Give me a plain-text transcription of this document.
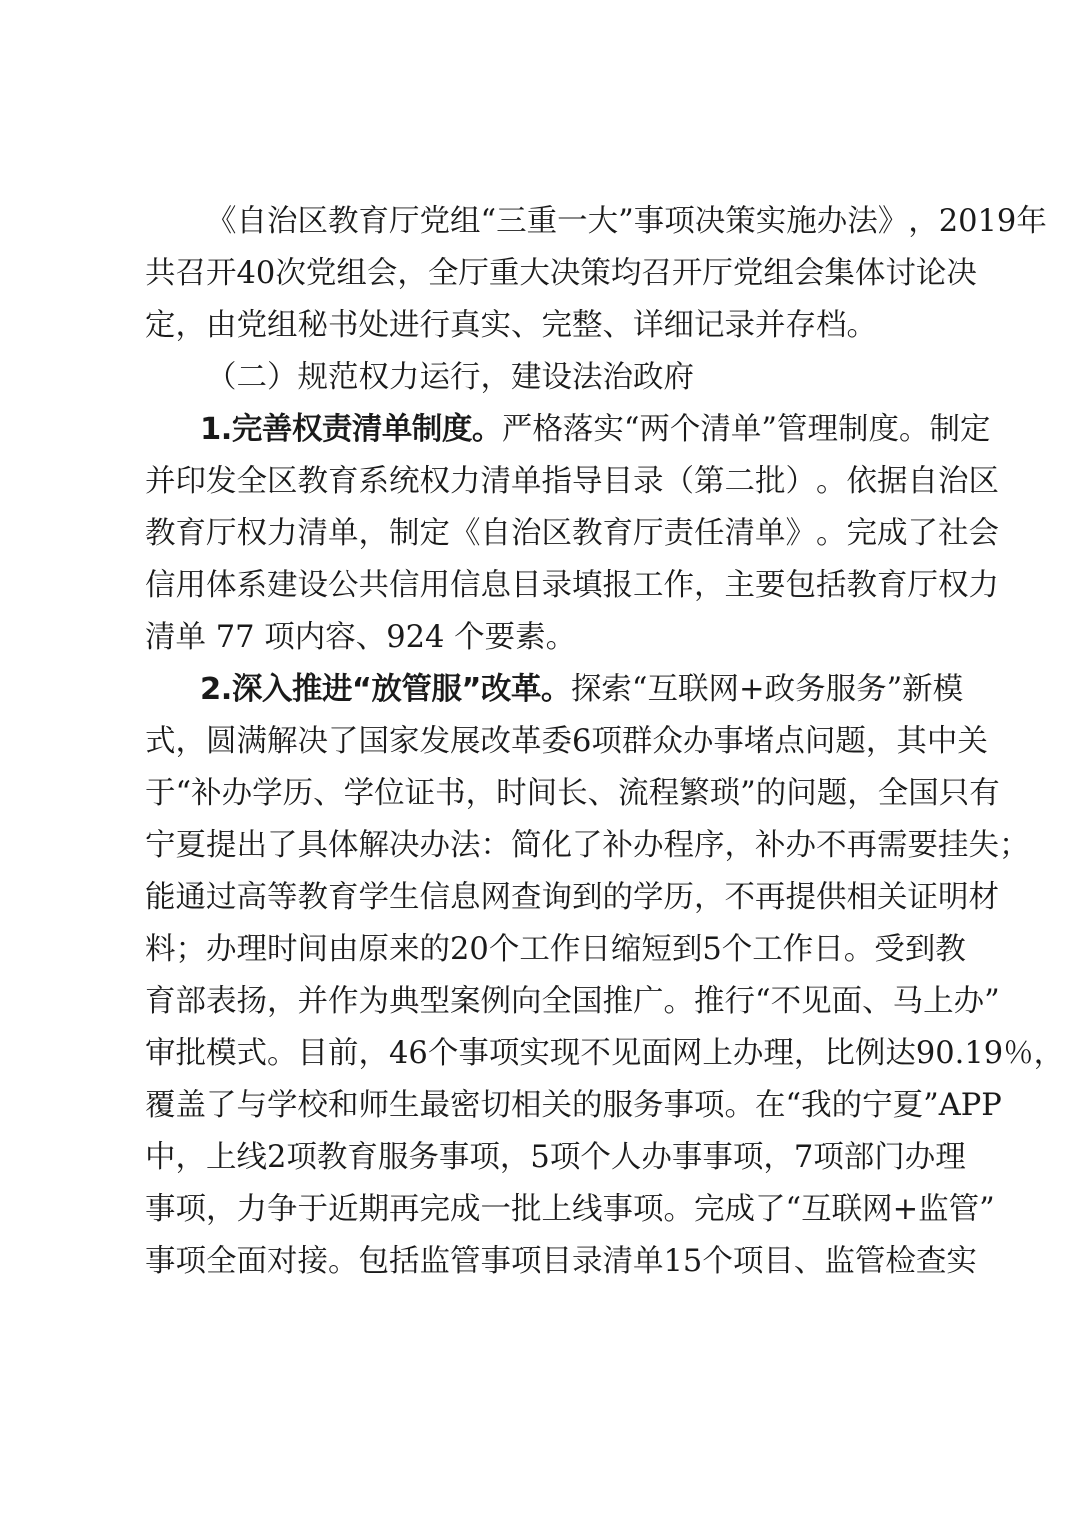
《 自 治 区 教 育 厅 党 组 “ 三 重 一 大 ” 事 项 决 策 实 施 办 法 》 ， 2 0 1 9 年
共 召 开 4 0 次 党 组 会 ， 全 厅 重 大 决 策 均 召 开 厅 党 组 会 集 体 讨 论 决
定，由党组秘书处进行真实、完整、详细记录并存档。
（二）规范权力运行，建设法治政府
1 . 完 善 权 责 清 单 制 度 。 严 格 落 实 “ 两 个 清 单 ” 管 理 制 度 。 制 定
并 印 发 全 区 教 育 系 统 权 力 清 单 指 导 目 录 （ 第 二 批 ） 。 依 据 自 治 区
教 育 厅 权 力 清 单 ， 制 定 《 自 治 区 教 育 厅 责 任 清 单 》 。 完 成 了 社 会
信 用 体 系 建 设 公 共 信 用 信 息 目 录 填 报 工 作 ， 主 要 包 括 教 育 厅 权 力
清单 77 项内容、924 个要素。
2 . 深 入 推 进 “ 放 管 服 ” 改 革 。 探 索 “ 互 联 网 + 政 务 服 务 ” 新 模
式 ， 圆 满 解 决 了 国 家 发 展 改 革 委 6 项 群 众 办 事 堵 点 问 题 ， 其 中 关
于 “ 补 办 学 历 、 学 位 证 书 ， 时 间 长 、 流 程 繁 琐 ” 的 问 题 ， 全 国 只 有
宁 夏 提 出 了 具 体 解 决 办 法 ： 简 化 了 补 办 程 序 ， 补 办 不 再 需 要 挂 失 ；
能 通 过 高 等 教 育 学 生 信 息 网 查 询 到 的 学 历 ， 不 再 提 供 相 关 证 明 材
料 ； 办 理 时 间 由 原 来 的 2 0 个 工 作 日 缩 短 到 5 个 工 作 日 。 受 到 教
育 部 表 扬 ， 并 作 为 典 型 案 例 向 全 国 推 广 。 推 行 “ 不 见 面 、 马 上 办 ”
审 批 模 式 。 目 前 ， 4 6 个 事 项 实 现 不 见 面 网 上 办 理 ， 比 例 达 9 0 . 1 9 ％ ，
覆 盖 了 与 学 校 和 师 生 最 密 切 相 关 的 服 务 事 项 。 在 “ 我 的 宁 夏 ” A P P
中 ， 上 线 2 项 教 育 服 务 事 项 ， 5 项 个 人 办 事 事 项 ， 7 项 部 门 办 理
事 项 ， 力 争 于 近 期 再 完 成 一 批 上 线 事 项 。 完 成 了 “ 互 联 网 + 监 管 ”
事 项 全 面 对 接 。 包 括 监 管 事 项 目 录 清 单 1 5 个 项 目 、 监 管 检 查 实
